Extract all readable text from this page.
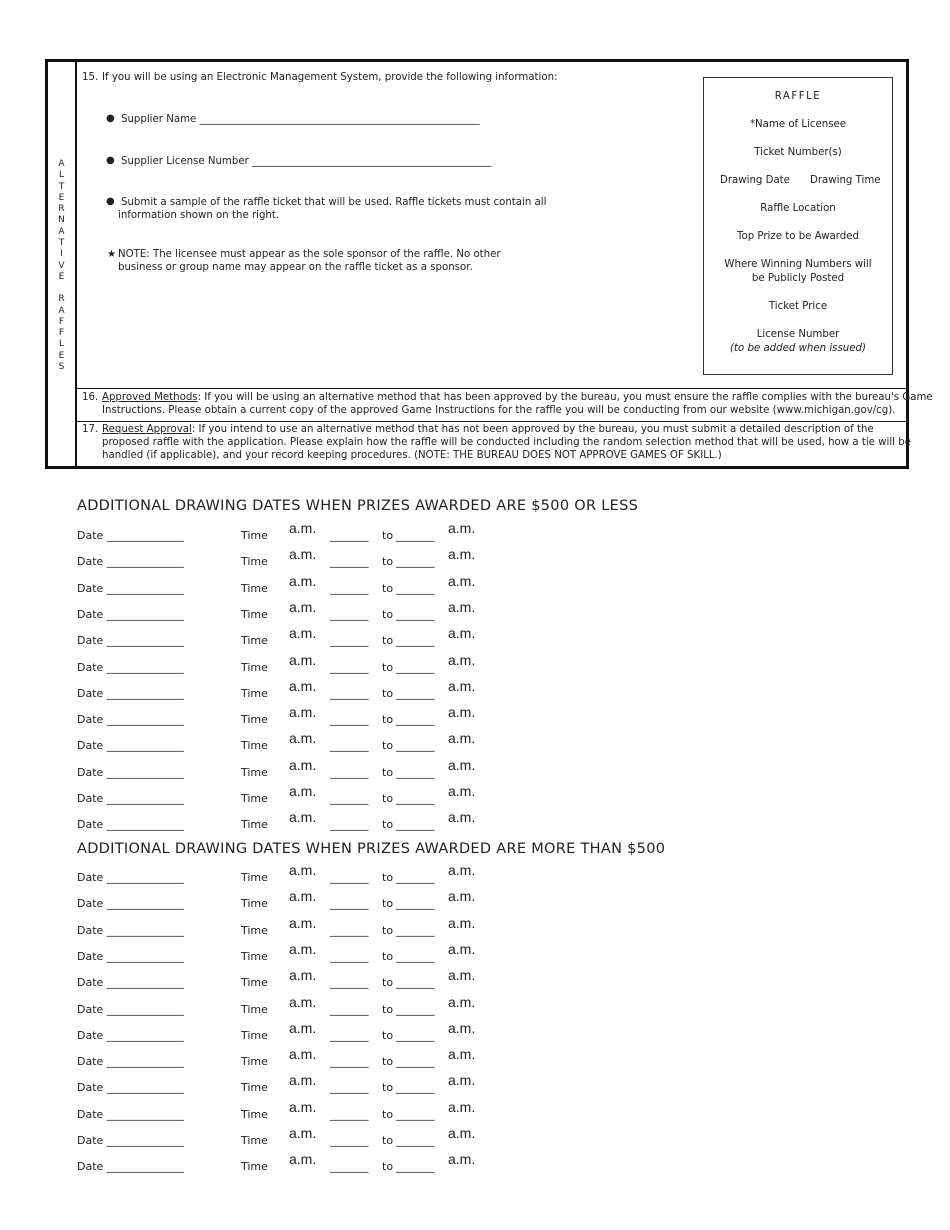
A
L
T
E
R
N
A
T
I
V
E
R
A
F
F
L
E
S
15. If you will be using an Electronic Management System, provide the following information:
● Supplier Name _______________________________________________________
● Supplier License Number _______________________________________________
● Submit a sample of the raffle ticket that will be used. Raffle tickets must contain all
information shown on the right.
★ NOTE: The licensee must appear as the sole sponsor of the raffle. No other
business or group name may appear on the raffle ticket as a sponsor.
RAFFLE
*Name of Licensee
Ticket Number(s)
Drawing Date Drawing Time
Raffle Location
Top Prize to be Awarded
Where Winning Numbers will
be Publicly Posted
Ticket Price
License Number
(to be added when issued)
16. Approved Methods: If you will be using an alternative method that has been approved by the bureau, you must ensure the raffle complies with the bureau's Game
Instructions. Please obtain a current copy of the approved Game Instructions for the raffle you will be conducting from our website (www.michigan.gov/cg).
17. Request Approval: If you intend to use an alternative method that has not been approved by the bureau, you must submit a detailed description of the
proposed raffle with the application. Please explain how the raffle will be conducted including the random selection method that will be used, how a tie will be
handled (if applicable), and your record keeping procedures. (NOTE: THE BUREAU DOES NOT APPROVE GAMES OF SKILL.)
ADDITIONAL DRAWING DATES WHEN PRIZES AWARDED ARE $500 OR LESS
Date ______________	Time a.m. _______ to _______ a.m.
Date ______________	Time a.m. _______ to _______ a.m.
Date ______________	Time a.m. _______ to _______ a.m.
Date ______________	Time a.m. _______ to _______ a.m.
Date ______________	Time a.m. _______ to _______ a.m.
Date ______________	Time a.m. _______ to _______ a.m.
Date ______________	Time a.m. _______ to _______ a.m.
Date ______________	Time a.m. _______ to _______ a.m.
Date ______________	Time a.m. _______ to _______ a.m.
Date ______________	Time a.m. _______ to _______ a.m.
Date ______________	Time a.m. _______ to _______ a.m.
Date ______________	Time a.m. _______ to _______ a.m.
ADDITIONAL DRAWING DATES WHEN PRIZES AWARDED ARE MORE THAN $500
Date ______________	Time a.m. _______ to _______ a.m.
Date ______________	Time a.m. _______ to _______ a.m.
Date ______________	Time a.m. _______ to _______ a.m.
Date ______________	Time a.m. _______ to _______ a.m.
Date ______________	Time a.m. _______ to _______ a.m.
Date ______________	Time a.m. _______ to _______ a.m.
Date ______________	Time a.m. _______ to _______ a.m.
Date ______________	Time a.m. _______ to _______ a.m.
Date ______________	Time a.m. _______ to _______ a.m.
Date ______________	Time a.m. _______ to _______ a.m.
Date ______________	Time a.m. _______ to _______ a.m.
Date ______________	Time a.m. _______ to _______ a.m.
